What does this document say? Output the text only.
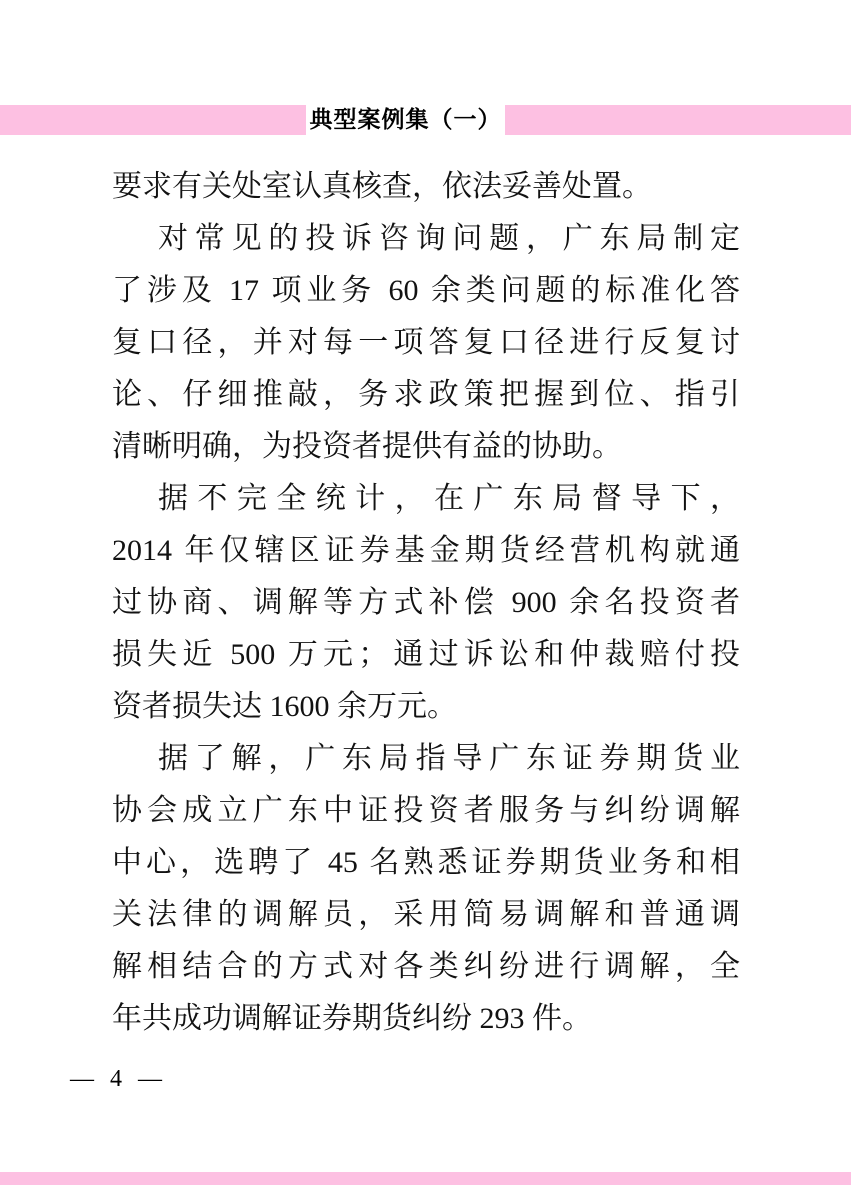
典型案例集（一）
要求有关处室认真核查，依法妥善处置。
对常见的投诉咨询问题，广东局制定
了涉及 17 项业务 60 余类问题的标准化答
复口径，并对每一项答复口径进行反复讨
论、仔细推敲，务求政策把握到位、指引
清晰明确，为投资者提供有益的协助。
据不完全统计，在广东局督导下，
2014 年仅辖区证券基金期货经营机构就通
过协商、调解等方式补偿 900 余名投资者
损失近 500 万元；通过诉讼和仲裁赔付投
资者损失达 1600 余万元。
据了解，广东局指导广东证券期货业
协会成立广东中证投资者服务与纠纷调解
中心，选聘了 45 名熟悉证券期货业务和相
关法律的调解员，采用简易调解和普通调
解相结合的方式对各类纠纷进行调解，全
年共成功调解证券期货纠纷 293 件。
— 4 —
